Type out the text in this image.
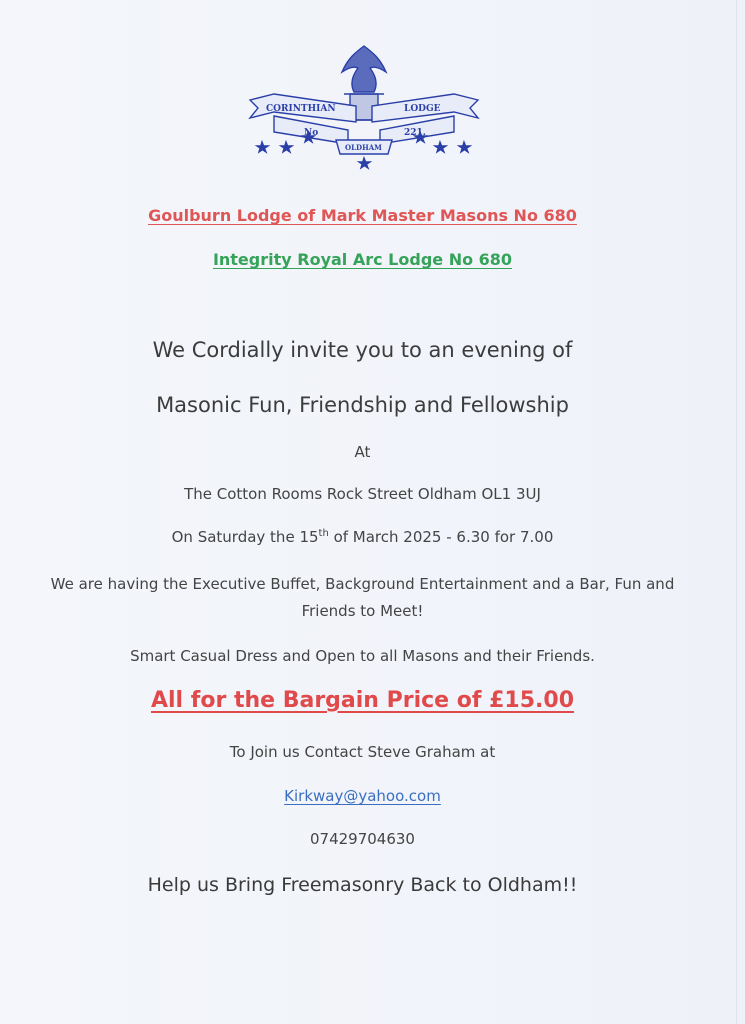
CORINTHIAN	LODGE
No	221.
OLDHAM
Goulburn Lodge of Mark Master Masons No 680
Integrity Royal Arc Lodge No 680
We Cordially invite you to an evening of
Masonic Fun, Friendship and Fellowship
At
The Cotton Rooms Rock Street Oldham OL1 3UJ
On Saturday the 15th of March 2025 - 6.30 for 7.00
We are having the Executive Buffet, Background Entertainment and a Bar, Fun and Friends to Meet!
Smart Casual Dress and Open to all Masons and their Friends.
All for the Bargain Price of £15.00
To Join us Contact Steve Graham at
Kirkway@yahoo.com
07429704630
Help us Bring Freemasonry Back to Oldham!!
